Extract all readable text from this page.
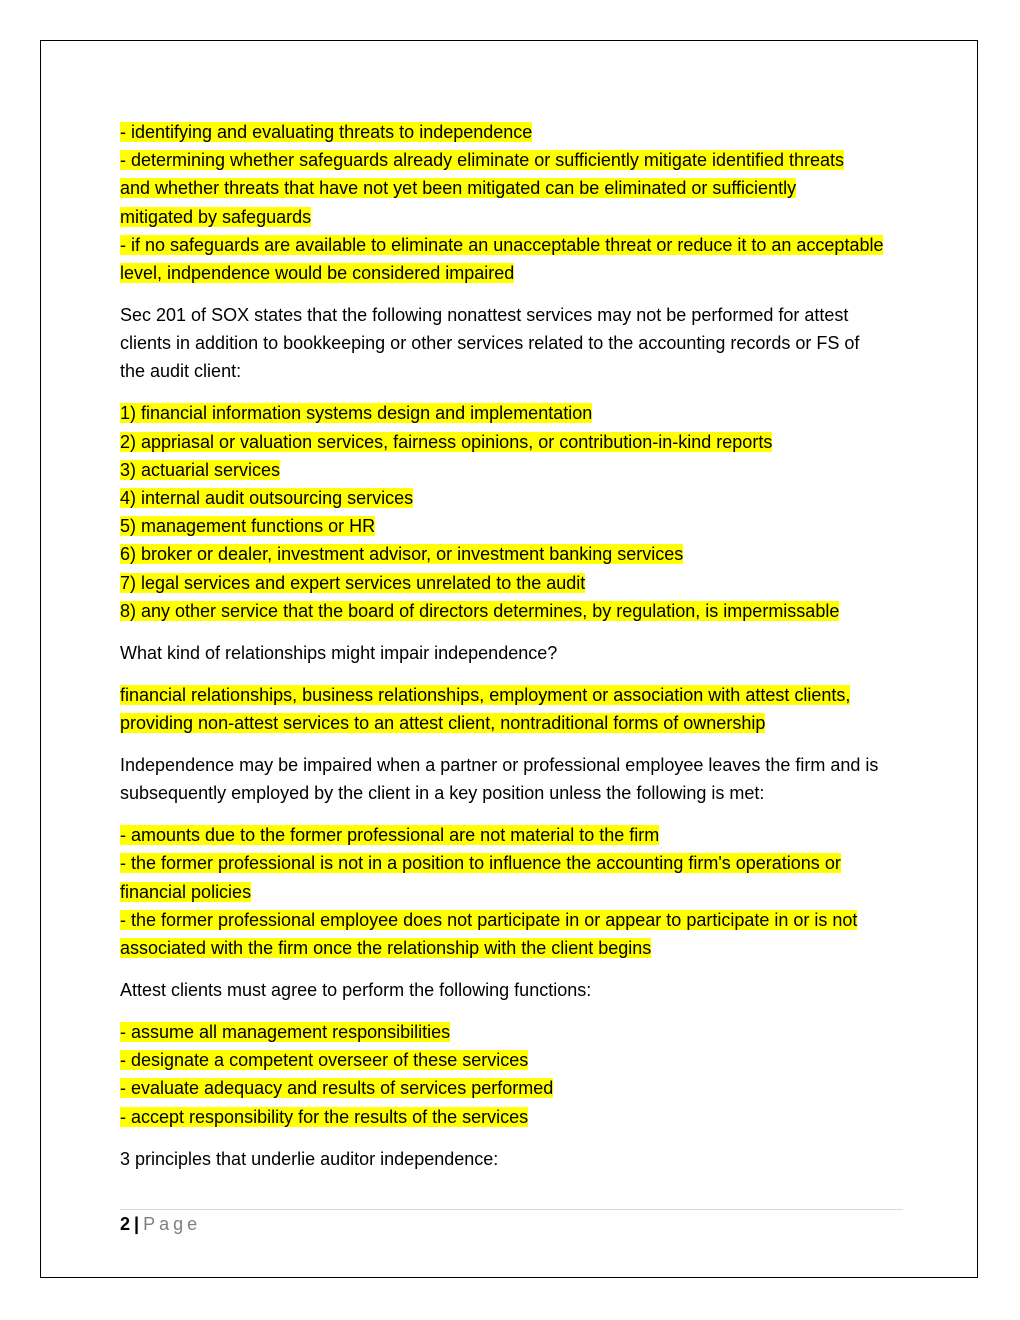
- identifying and evaluating threats to independence
- determining whether safeguards already eliminate or sufficiently mitigate identified threats
and whether threats that have not yet been mitigated can be eliminated or sufficiently
mitigated by safeguards
- if no safeguards are available to eliminate an unacceptable threat or reduce it to an acceptable
level, indpendence would be considered impaired
Sec 201 of SOX states that the following nonattest services may not be performed for attest
clients in addition to bookkeeping or other services related to the accounting records or FS of
the audit client:
1) financial information systems design and implementation
2) appriasal or valuation services, fairness opinions, or contribution-in-kind reports
3) actuarial services
4) internal audit outsourcing services
5) management functions or HR
6) broker or dealer, investment advisor, or investment banking services
7) legal services and expert services unrelated to the audit
8) any other service that the board of directors determines, by regulation, is impermissable
What kind of relationships might impair independence?
financial relationships, business relationships, employment or association with attest clients,
providing non-attest services to an attest client, nontraditional forms of ownership
Independence may be impaired when a partner or professional employee leaves the firm and is
subsequently employed by the client in a key position unless the following is met:
- amounts due to the former professional are not material to the firm
- the former professional is not in a position to influence the accounting firm's operations or
financial policies
- the former professional employee does not participate in or appear to participate in or is not
associated with the firm once the relationship with the client begins
Attest clients must agree to perform the following functions:
- assume all management responsibilities
- designate a competent overseer of these services
- evaluate adequacy and results of services performed
- accept responsibility for the results of the services
3 principles that underlie auditor independence:
2 | Page
